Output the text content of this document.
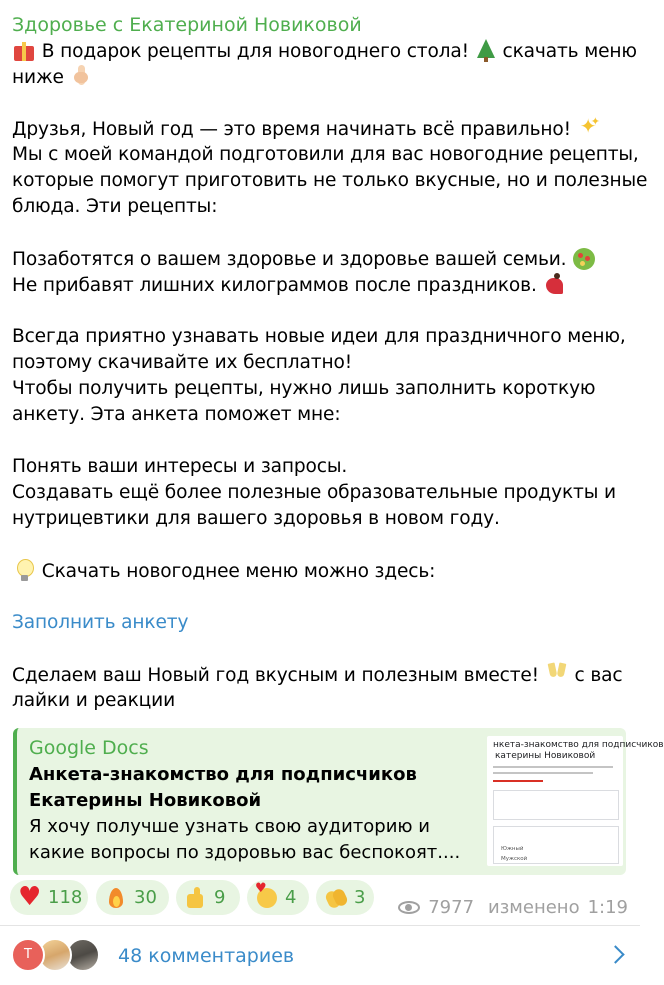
Здоровье с Екатериной Новиковой
В подарок рецепты для новогоднего стола! скачать меню
ниже
Друзья, Новый год — это время начинать всё правильно! ✦ ✦
Мы с моей командой подготовили для вас новогодние рецепты,
которые помогут приготовить не только вкусные, но и полезные
блюда. Эти рецепты:
Позаботятся о вашем здоровье и здоровье вашей семьи.
Не прибавят лишних килограммов после праздников.
Всегда приятно узнавать новые идеи для праздничного меню,
поэтому скачивайте их бесплатно!
Чтобы получить рецепты, нужно лишь заполнить короткую
анкету. Эта анкета поможет мне:
Понять ваши интересы и запросы.
Создавать ещё более полезные образовательные продукты и
нутрицевтики для вашего здоровья в новом году.
Скачать новогоднее меню можно здесь:
Заполнить анкету
Сделаем ваш Новый год вкусным и полезным вместе! с вас
лайки и реакции
Google Docs
Анкета-знакомство для подписчиков
Екатерины Новиковой
Я хочу получше узнать свою аудиторию и
какие вопросы по здоровью вас беспокоят....
нкета-знакомство для подписчиков
катерины Новиковой
Южный
Мужской
♥
118	30	9
♥	4	3	7977 изменено 1:19
Т	48 комментариев
